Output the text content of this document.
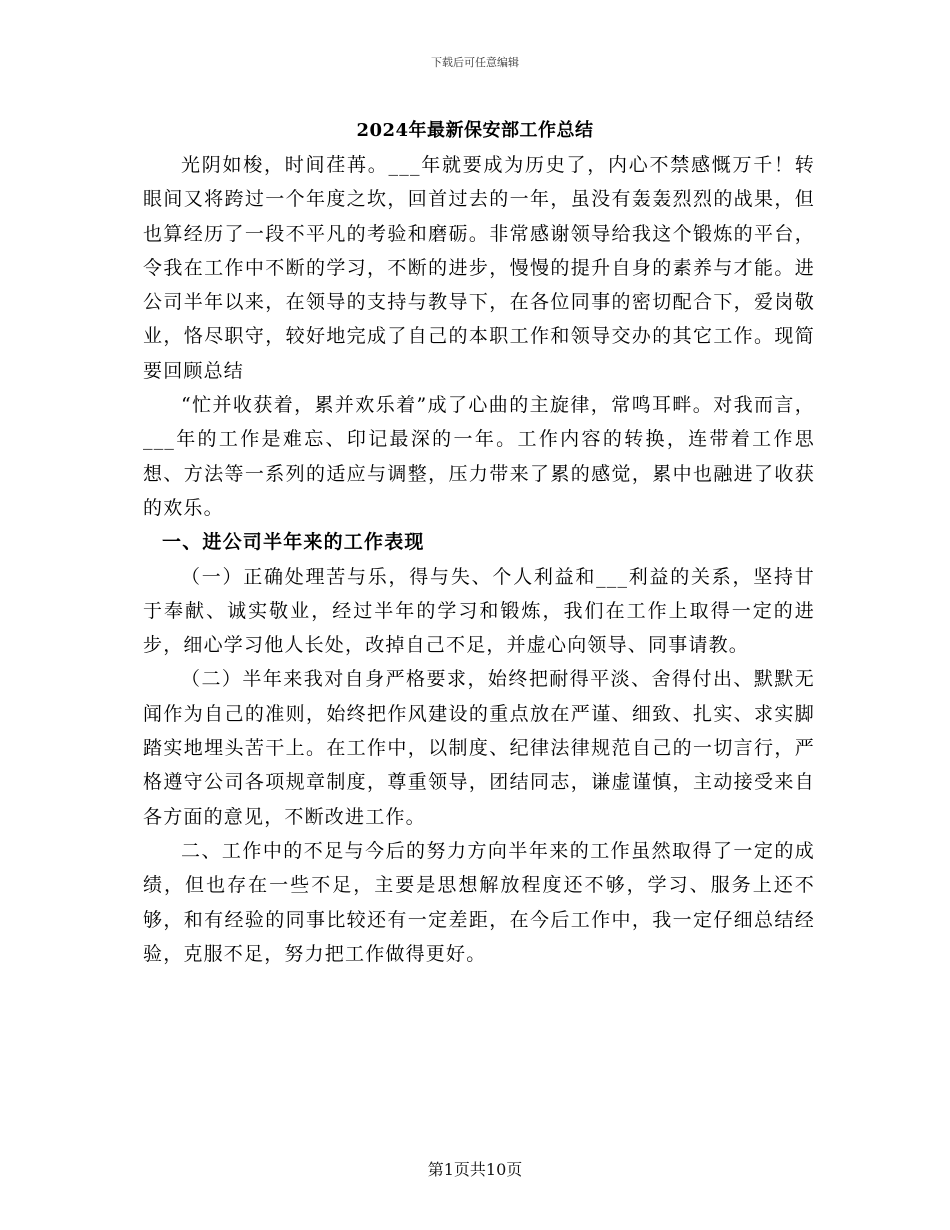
下载后可任意编辑
2024年最新保安部工作总结

光阴如梭，时间荏苒。___年就要成为历史了，内心不禁感慨万千！转眼间又将跨过一个年度之坎，回首过去的一年，虽没有轰轰烈烈的战果，但也算经历了一段不平凡的考验和磨砺。非常感谢领导给我这个锻炼的平台，令我在工作中不断的学习，不断的进步，慢慢的提升自身的素养与才能。进公司半年以来，在领导的支持与教导下，在各位同事的密切配合下，爱岗敬业，恪尽职守，较好地完成了自己的本职工作和领导交办的其它工作。现简要回顾总结

“忙并收获着，累并欢乐着”成了心曲的主旋律，常鸣耳畔。对我而言，___年的工作是难忘、印记最深的一年。工作内容的转换，连带着工作思想、方法等一系列的适应与调整，压力带来了累的感觉，累中也融进了收获的欢乐。

一、进公司半年来的工作表现

（一）正确处理苦与乐，得与失、个人利益和___利益的关系，坚持甘于奉献、诚实敬业，经过半年的学习和锻炼，我们在工作上取得一定的进步，细心学习他人长处，改掉自己不足，并虚心向领导、同事请教。

（二）半年来我对自身严格要求，始终把耐得平淡、舍得付出、默默无闻作为自己的准则，始终把作风建设的重点放在严谨、细致、扎实、求实脚踏实地埋头苦干上。在工作中，以制度、纪律法律规范自己的一切言行，严格遵守公司各项规章制度，尊重领导，团结同志，谦虚谨慎，主动接受来自各方面的意见，不断改进工作。

二、工作中的不足与今后的努力方向半年来的工作虽然取得了一定的成绩，但也存在一些不足，主要是思想解放程度还不够，学习、服务上还不够，和有经验的同事比较还有一定差距，在今后工作中，我一定仔细总结经验，克服不足，努力把工作做得更好。

第1页共10页
